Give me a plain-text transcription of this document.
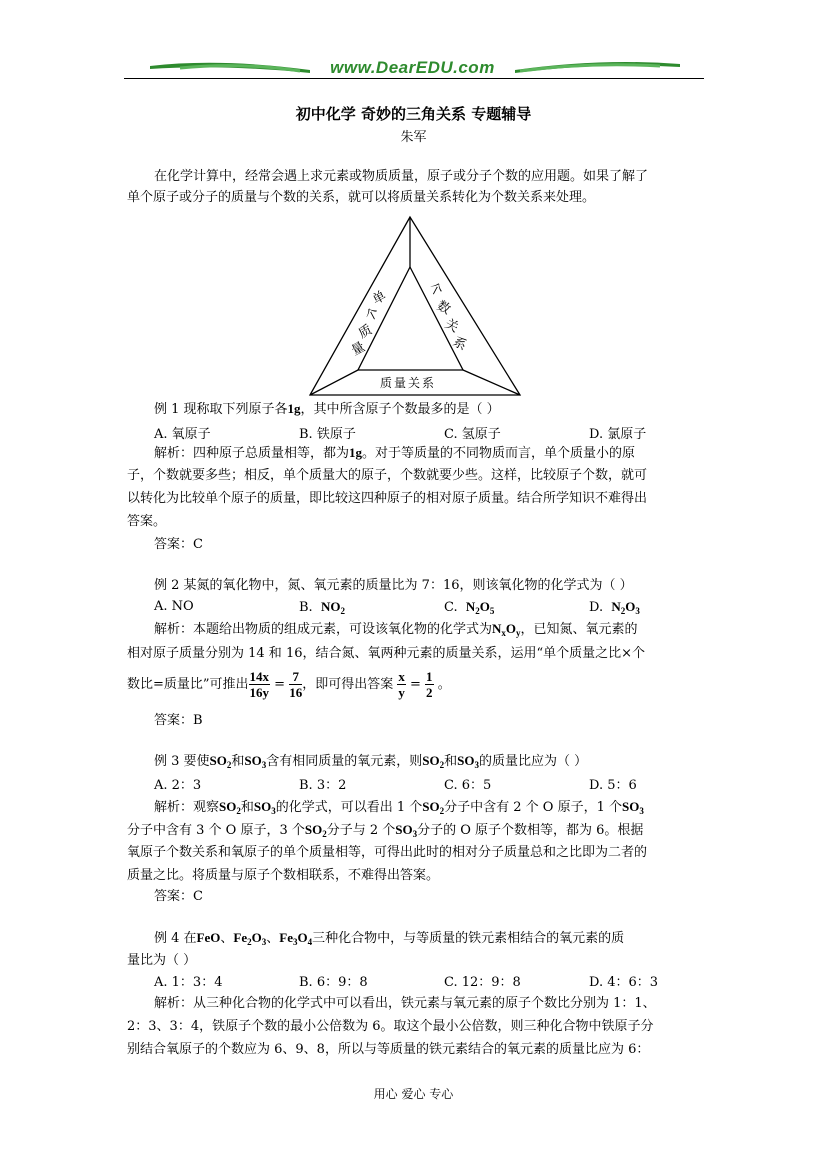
www.DearEDU.com
初中化学 奇妙的三角关系 专题辅导
朱军
在化学计算中，经常会遇上求元素或物质质量，原子或分子个数的应用题。如果了解了
单个原子或分子的质量与个数的关系，就可以将质量关系转化为个数关系来处理。
单
个
质
量
个
数
关
系
质量关系
例 1 现称取下列原子各1g，其中所含原子个数最多的是（ ）
A. 氧原子	B. 铁原子	C. 氢原子	D. 氯原子
解析：四种原子总质量相等，都为1g。对于等质量的不同物质而言，单个质量小的原
子，个数就要多些；相反，单个质量大的原子，个数就要少些。这样，比较原子个数，就可
以转化为比较单个原子的质量，即比较这四种原子的相对原子质量。结合所学知识不难得出
答案。
答案：C
例 2 某氮的氧化物中，氮、氧元素的质量比为 7：16，则该氧化物的化学式为（ ）
A. NO	B. $NO_2$	C. $N_2O_5$	D. $N_2O_3$
解析：本题给出物质的组成元素，可设该氧化物的化学式为$N_xO_y$，已知氮、氧元素的
相对原子质量分别为 14 和 16，结合氮、氧两种元素的质量关系，运用“单个质量之比×个
数比=质量比”可推出 $\frac{14x}{16y} = \frac{7}{16}$ ，即可得出答案 $\frac{x}{y} = \frac{1}{2}$ 。
答案：B
例 3 要使$SO_2$和$SO_3$含有相同质量的氧元素，则$SO_2$和$SO_3$的质量比应为（ ）
A. 2：3	B. 3：2	C. 6：5	D. 5：6
解析：观察$SO_2$和$SO_3$的化学式，可以看出 1 个$SO_2$分子中含有 2 个 O 原子，1 个$SO_3$
分子中含有 3 个 O 原子，3 个$SO_2$分子与 2 个$SO_3$分子的 O 原子个数相等，都为 6。根据
氧原子个数关系和氧原子的单个质量相等，可得出此时的相对分子质量总和之比即为二者的
质量之比。将质量与原子个数相联系，不难得出答案。
答案：C
例 4 在FeO、$Fe_2O_3$、$Fe_3O_4$三种化合物中，与等质量的铁元素相结合的氧元素的质
量比为（ ）
A. 1：3：4	B. 6：9：8	C. 12：9：8	D. 4：6：3
解析：从三种化合物的化学式中可以看出，铁元素与氧元素的原子个数比分别为 1：1、
2：3、3：4，铁原子个数的最小公倍数为 6。取这个最小公倍数，则三种化合物中铁原子分
别结合氧原子的个数应为 6、9、8，所以与等质量的铁元素结合的氧元素的质量比应为 6：
用心 爱心 专心
